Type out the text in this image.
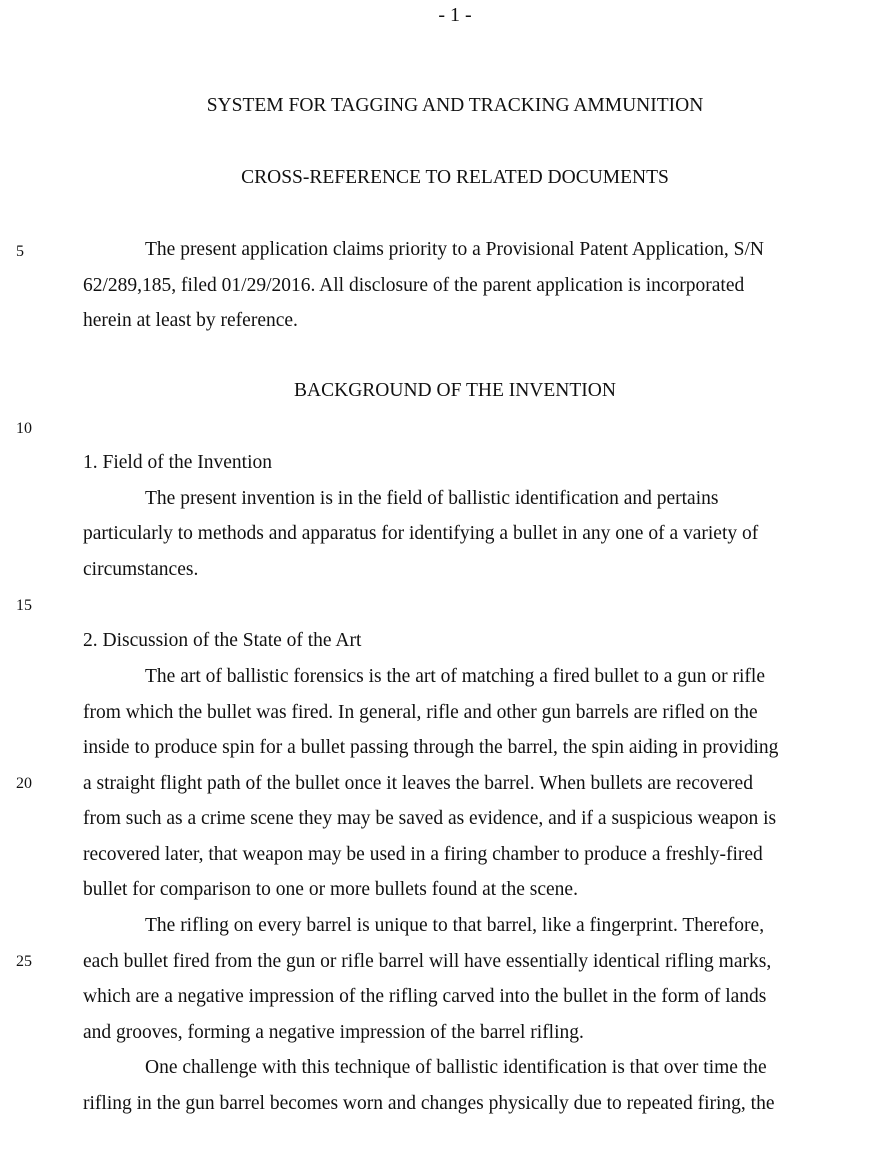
- 1 -
SYSTEM FOR TAGGING AND TRACKING AMMUNITION
CROSS-REFERENCE TO RELATED DOCUMENTS
5
10
15
20
25
The present application claims priority to a Provisional Patent Application, S/N
62/289,185, filed 01/29/2016. All disclosure of the parent application is incorporated
herein at least by reference.
BACKGROUND OF THE INVENTION
1. Field of the Invention
The present invention is in the field of ballistic identification and pertains
particularly to methods and apparatus for identifying a bullet in any one of a variety of
circumstances.
2. Discussion of the State of the Art
The art of ballistic forensics is the art of matching a fired bullet to a gun or rifle
from which the bullet was fired. In general, rifle and other gun barrels are rifled on the
inside to produce spin for a bullet passing through the barrel, the spin aiding in providing
a straight flight path of the bullet once it leaves the barrel. When bullets are recovered
from such as a crime scene they may be saved as evidence, and if a suspicious weapon is
recovered later, that weapon may be used in a firing chamber to produce a freshly-fired
bullet for comparison to one or more bullets found at the scene.
The rifling on every barrel is unique to that barrel, like a fingerprint. Therefore,
each bullet fired from the gun or rifle barrel will have essentially identical rifling marks,
which are a negative impression of the rifling carved into the bullet in the form of lands
and grooves, forming a negative impression of the barrel rifling.
One challenge with this technique of ballistic identification is that over time the
rifling in the gun barrel becomes worn and changes physically due to repeated firing, the
